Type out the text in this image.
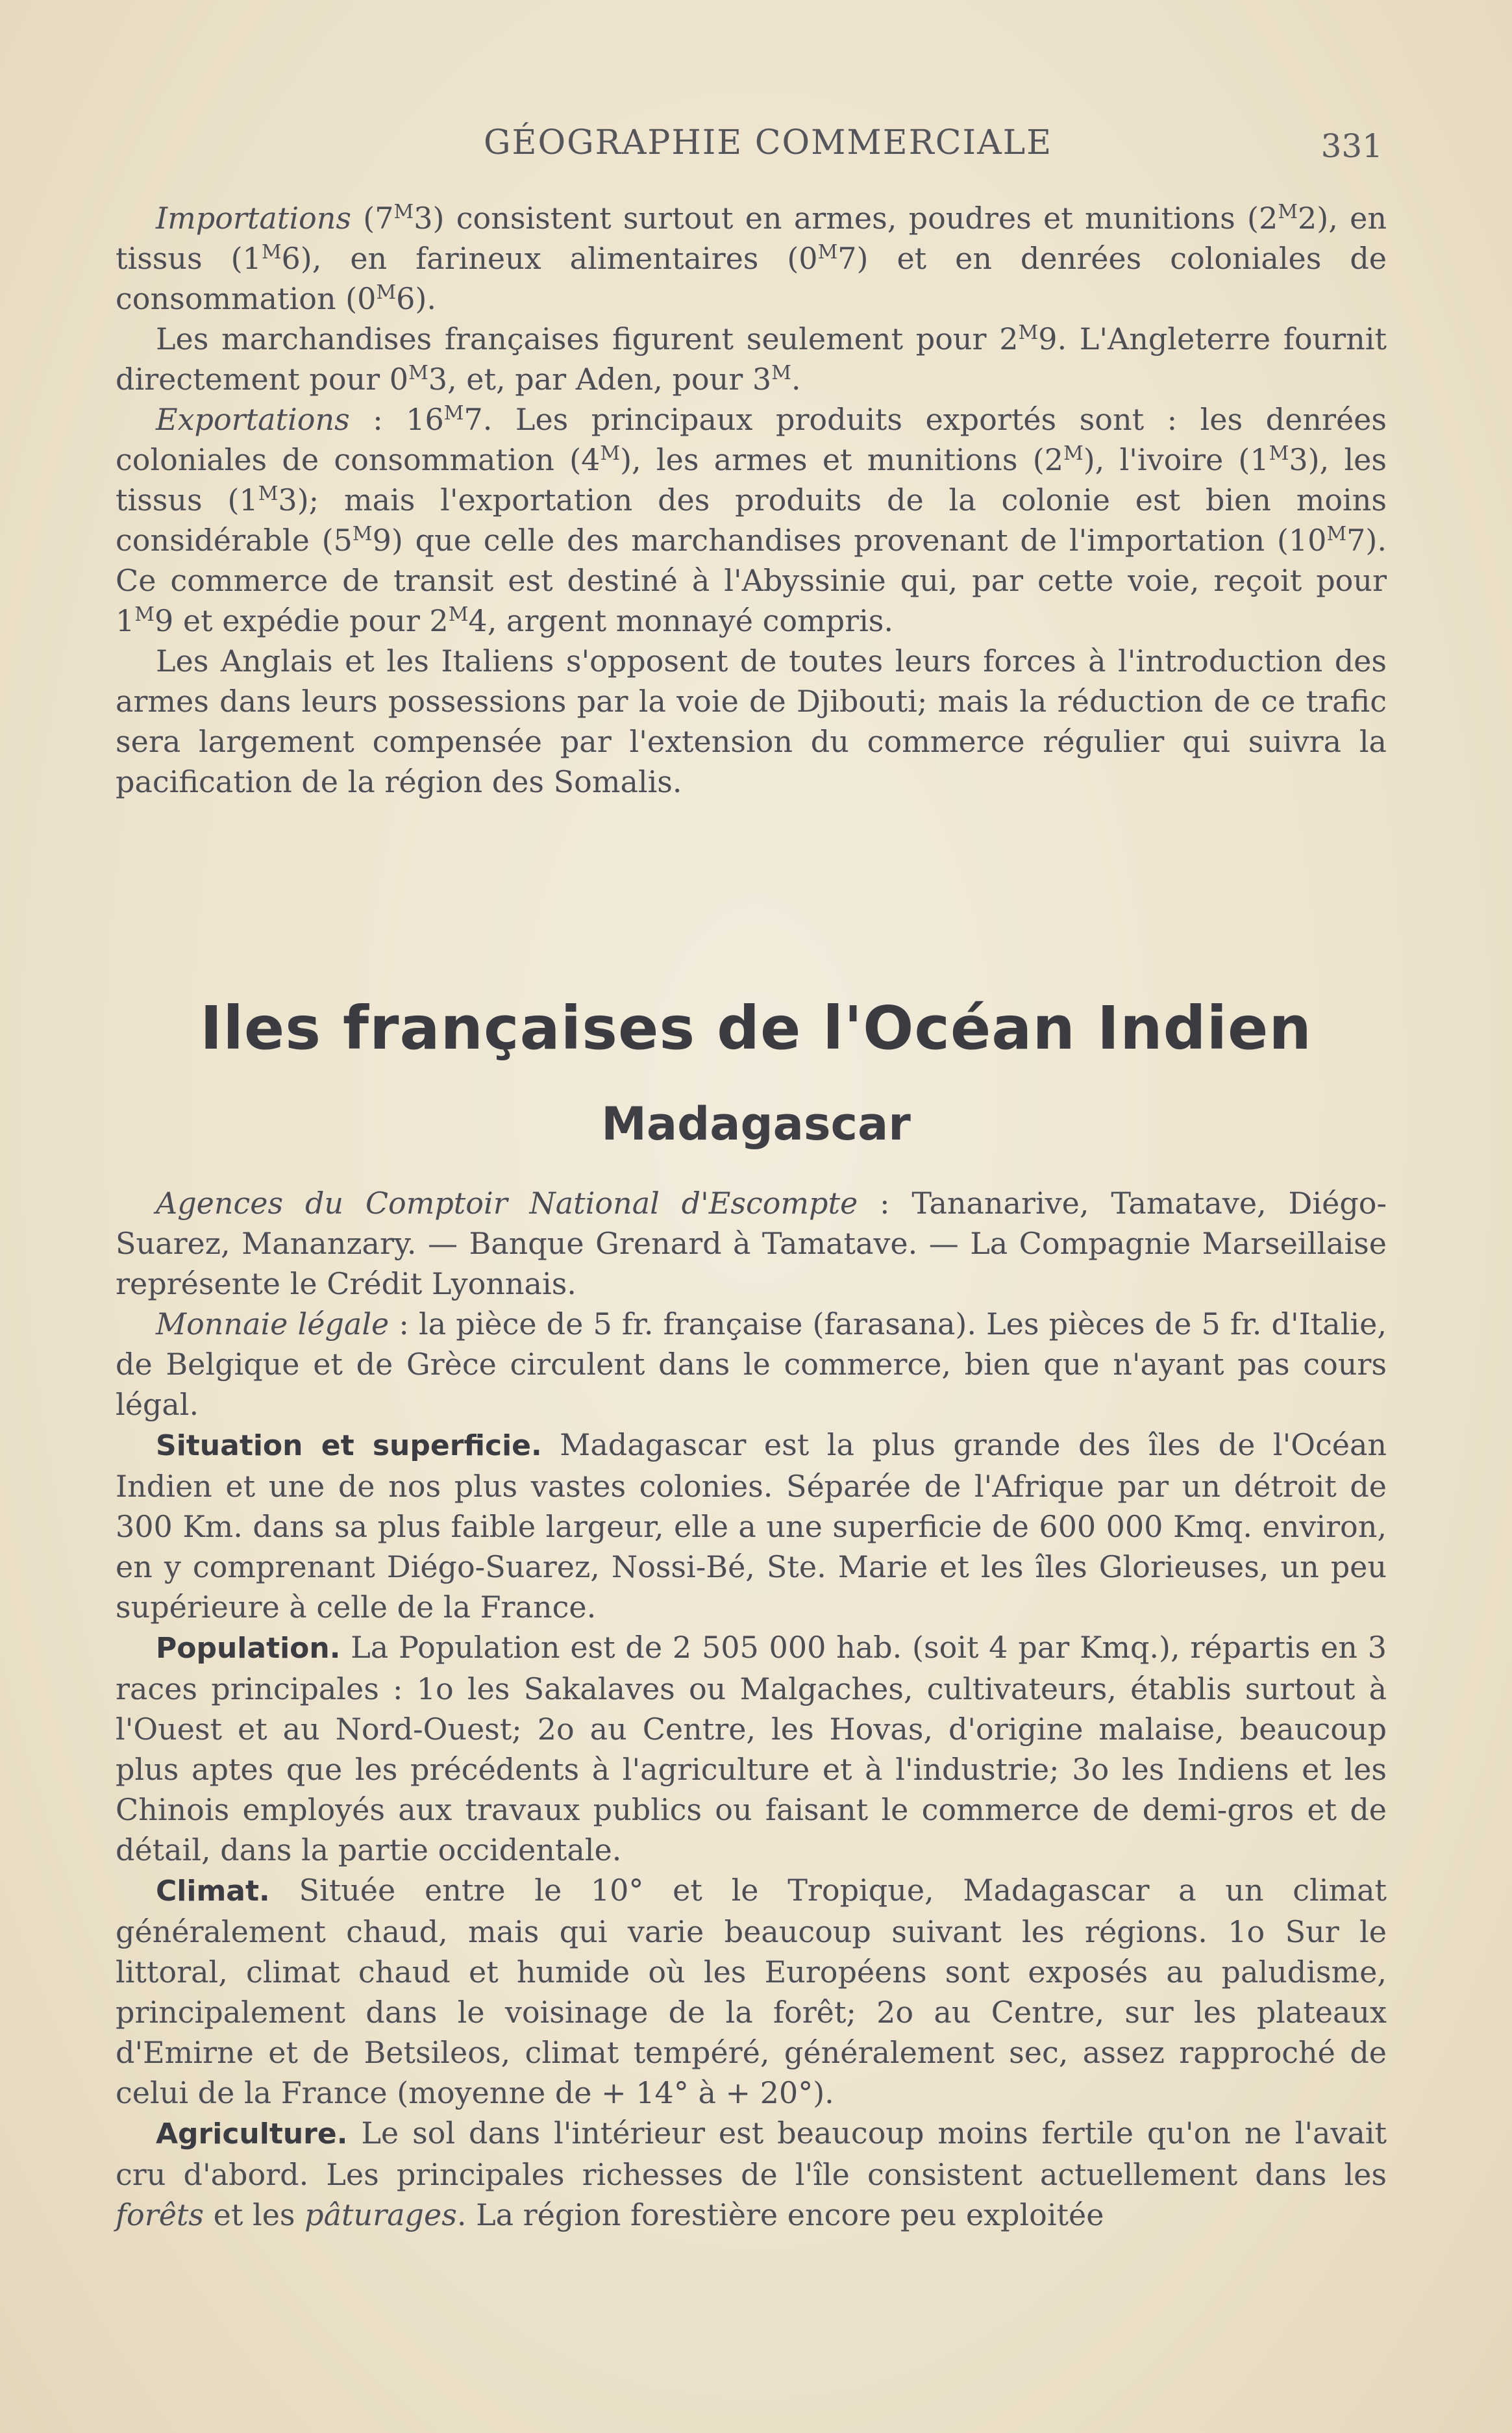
GÉOGRAPHIE COMMERCIALE	331

Importations $(7^M3)$ consistent surtout en armes, poudres et munitions $(2^M2)$, en tissus $(1^M6)$, en farineux alimentaires $(0^M7)$ et en denrées coloniales de consommation $(0^M6)$.

Les marchandises françaises figurent seulement pour $2^M9$. L'Angleterre fournit directement pour $0^M3$, et, par Aden, pour $3^M$.

Exportations : $16^M7$. Les principaux produits exportés sont : les denrées coloniales de consommation $(4^M)$, les armes et munitions $(2^M)$, l'ivoire $(1^M3)$, les tissus $(1^M3)$; mais l'exportation des produits de la colonie est bien moins considérable $(5^M9)$ que celle des marchandises provenant de l'importation $(10^M7)$. Ce commerce de transit est destiné à l'Abyssinie qui, par cette voie, reçoit pour $1^M9$ et expédie pour $2^M4$, argent monnayé compris.

Les Anglais et les Italiens s'opposent de toutes leurs forces à l'introduction des armes dans leurs possessions par la voie de Djibouti; mais la réduction de ce trafic sera largement compensée par l'extension du commerce régulier qui suivra la pacification de la région des Somalis.

Iles françaises de l'Océan Indien
Madagascar

Agences du Comptoir National d'Escompte : Tananarive, Tamatave, Diégo-Suarez, Mananzary. — Banque Grenard à Tamatave. — La Compagnie Marseillaise représente le Crédit Lyonnais.

Monnaie légale : la pièce de 5 fr. française (farasana). Les pièces de 5 fr. d'Italie, de Belgique et de Grèce circulent dans le commerce, bien que n'ayant pas cours légal.

Situation et superficie. Madagascar est la plus grande des îles de l'Océan Indien et une de nos plus vastes colonies. Séparée de l'Afrique par un détroit de 300 Km. dans sa plus faible largeur, elle a une superficie de 600 000 Kmq. environ, en y comprenant Diégo-Suarez, Nossi-Bé, Ste. Marie et les îles Glorieuses, un peu supérieure à celle de la France.

Population. La Population est de 2 505 000 hab. (soit 4 par Kmq.), répartis en 3 races principales : 1o les Sakalaves ou Malgaches, cultivateurs, établis surtout à l'Ouest et au Nord-Ouest; 2o au Centre, les Hovas, d'origine malaise, beaucoup plus aptes que les précédents à l'agriculture et à l'industrie; 3o les Indiens et les Chinois employés aux travaux publics ou faisant le commerce de demi-gros et de détail, dans la partie occidentale.

Climat. Située entre le 10° et le Tropique, Madagascar a un climat généralement chaud, mais qui varie beaucoup suivant les régions. 1o Sur le littoral, climat chaud et humide où les Européens sont exposés au paludisme, principalement dans le voisinage de la forêt; 2o au Centre, sur les plateaux d'Emirne et de Betsileos, climat tempéré, généralement sec, assez rapproché de celui de la France (moyenne de + 14° à + 20°).

Agriculture. Le sol dans l'intérieur est beaucoup moins fertile qu'on ne l'avait cru d'abord. Les principales richesses de l'île consistent actuellement dans les forêts et les pâturages. La région forestière encore peu exploitée
